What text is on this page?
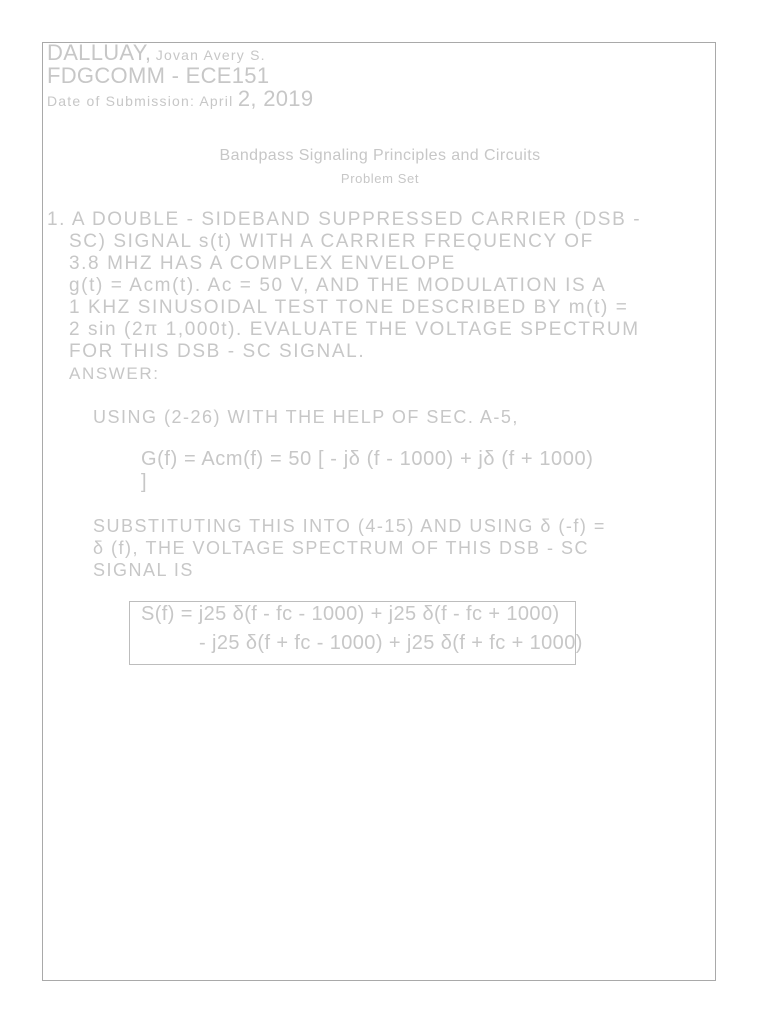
DALLUAY, Jovan Avery S.
FDGCOMM - ECE151
Date of Submission: April 2, 2019
Bandpass Signaling Principles and Circuits
Problem Set
1. A DOUBLE - SIDEBAND SUPPRESSED CARRIER (DSB -
SC) SIGNAL s(t) WITH A CARRIER FREQUENCY OF
3.8 MHZ HAS A COMPLEX ENVELOPE
g(t) = Acm(t). Ac = 50 V, AND THE MODULATION IS A
1 KHZ SINUSOIDAL TEST TONE DESCRIBED BY m(t) =
2 sin (2π 1,000t). EVALUATE THE VOLTAGE SPECTRUM
FOR THIS DSB - SC SIGNAL.
ANSWER:
USING (2-26) WITH THE HELP OF SEC. A-5,
G(f) = Acm(f) = 50 [ - jδ (f - 1000) + jδ (f + 1000)
]
SUBSTITUTING THIS INTO (4-15) AND USING δ (-f) =
δ (f), THE VOLTAGE SPECTRUM OF THIS DSB - SC
SIGNAL IS
S(f) = j25 δ(f - fc - 1000) + j25 δ(f - fc + 1000)
- j25 δ(f + fc - 1000) + j25 δ(f + fc + 1000)
